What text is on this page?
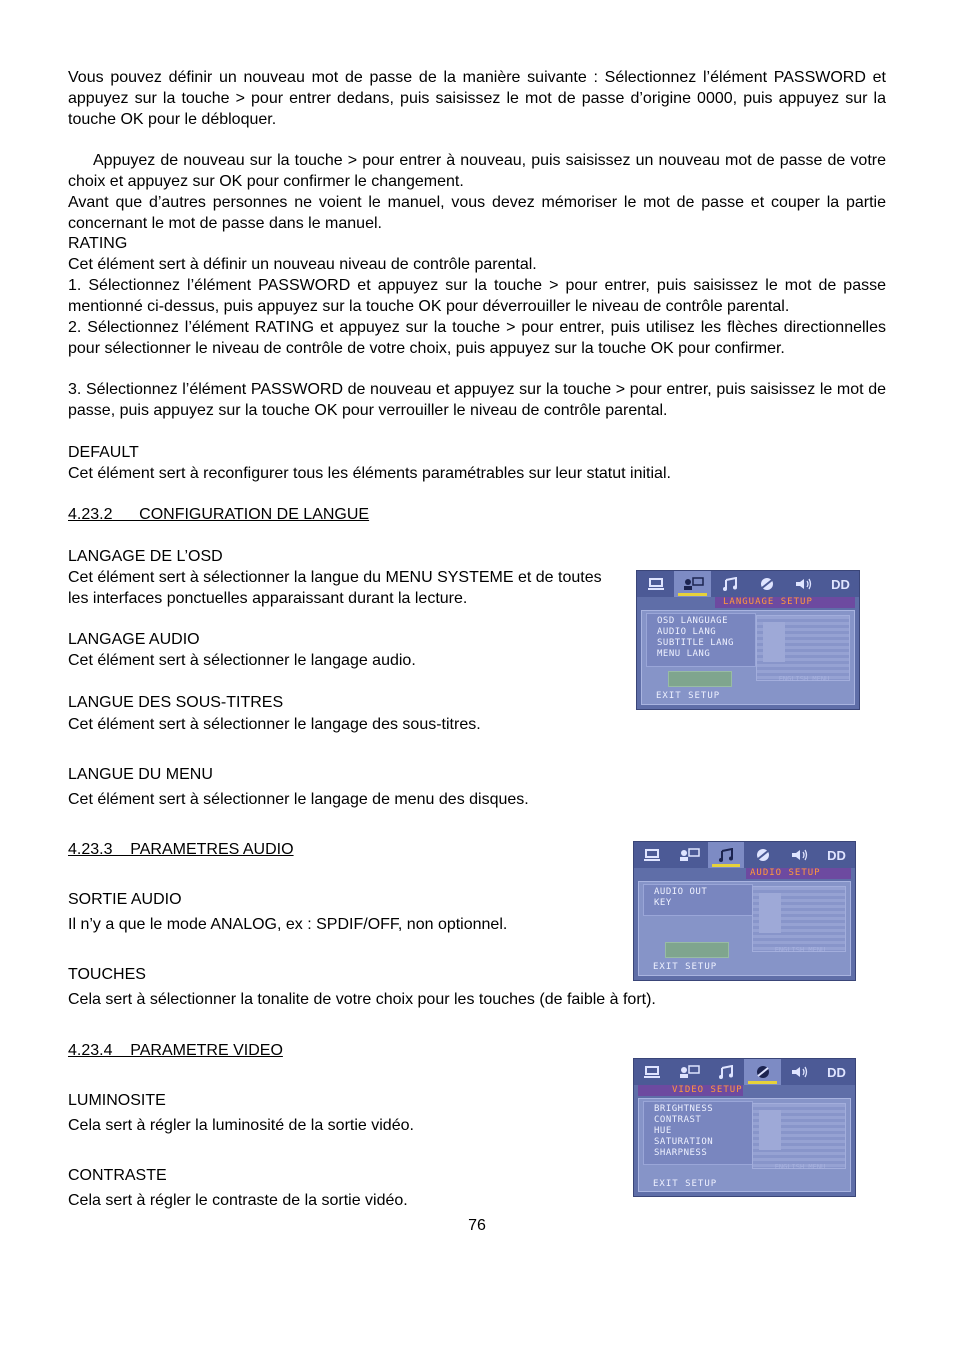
Vous pouvez définir un nouveau mot de passe de la manière suivante : Sélectionnez l’élément PASSWORD et appuyez sur la touche > pour entrer dedans, puis saisissez le mot de passe d’origine 0000, puis appuyez sur la touche OK pour le débloquer.

Appuyez de nouveau sur la touche > pour entrer à nouveau, puis saisissez un nouveau mot de passe de votre choix et appuyez sur OK pour confirmer le changement.

Avant que d’autres personnes ne voient le manuel, vous devez mémoriser le mot de passe et couper la partie concernant le mot de passe dans le manuel.

RATING

Cet élément sert à définir un nouveau niveau de contrôle parental.

1. Sélectionnez l’élément PASSWORD et appuyez sur la touche > pour entrer, puis saisissez le mot de passe mentionné ci-dessus, puis appuyez sur la touche OK pour déverrouiller le niveau de contrôle parental.

2. Sélectionnez l’élément RATING et appuyez sur la touche > pour entrer, puis utilisez les flèches directionnelles pour sélectionner le niveau de contrôle de votre choix, puis appuyez sur la touche OK pour confirmer.

3. Sélectionnez l’élément PASSWORD de nouveau et appuyez sur la touche > pour entrer, puis saisissez le mot de passe, puis appuyez sur la touche OK pour verrouiller le niveau de contrôle parental.

DEFAULT

Cet élément sert à reconfigurer tous les éléments paramétrables sur leur statut initial.

4.23.2      CONFIGURATION DE LANGUE

LANGAGE DE L’OSD

Cet élément sert à sélectionner la langue du MENU SYSTEME et de toutes les interfaces ponctuelles apparaissant durant la lecture.

LANGAGE AUDIO

Cet élément sert à sélectionner le langage audio.

LANGUE DES SOUS-TITRES

Cet élément sert à sélectionner le langage des sous-titres.

LANGUE DU MENU

Cet élément sert à sélectionner le langage de menu des disques.

4.23.3    PARAMETRES AUDIO

SORTIE AUDIO

Il n’y a que le mode ANALOG, ex : SPDIF/OFF, non optionnel.

TOUCHES

Cela sert à sélectionner la tonalite de votre choix pour les touches (de faible à fort).

4.23.4    PARAMETRE VIDEO

LUMINOSITE

Cela sert à régler la luminosité de la sortie vidéo.

CONTRASTE

Cela sert à régler le contraste de la sortie vidéo.

76
DD
LANGUAGE SETUP
OSD LANGUAGE
AUDIO LANG
SUBTITLE LANG
MENU LANG
ENGLISH MENU
EXIT SETUP
DD
AUDIO SETUP
AUDIO OUT
KEY
ENGLISH MENU
EXIT SETUP
DD
VIDEO SETUP
BRIGHTNESS
CONTRAST
HUE
SATURATION
SHARPNESS
ENGLISH MENU
EXIT SETUP
